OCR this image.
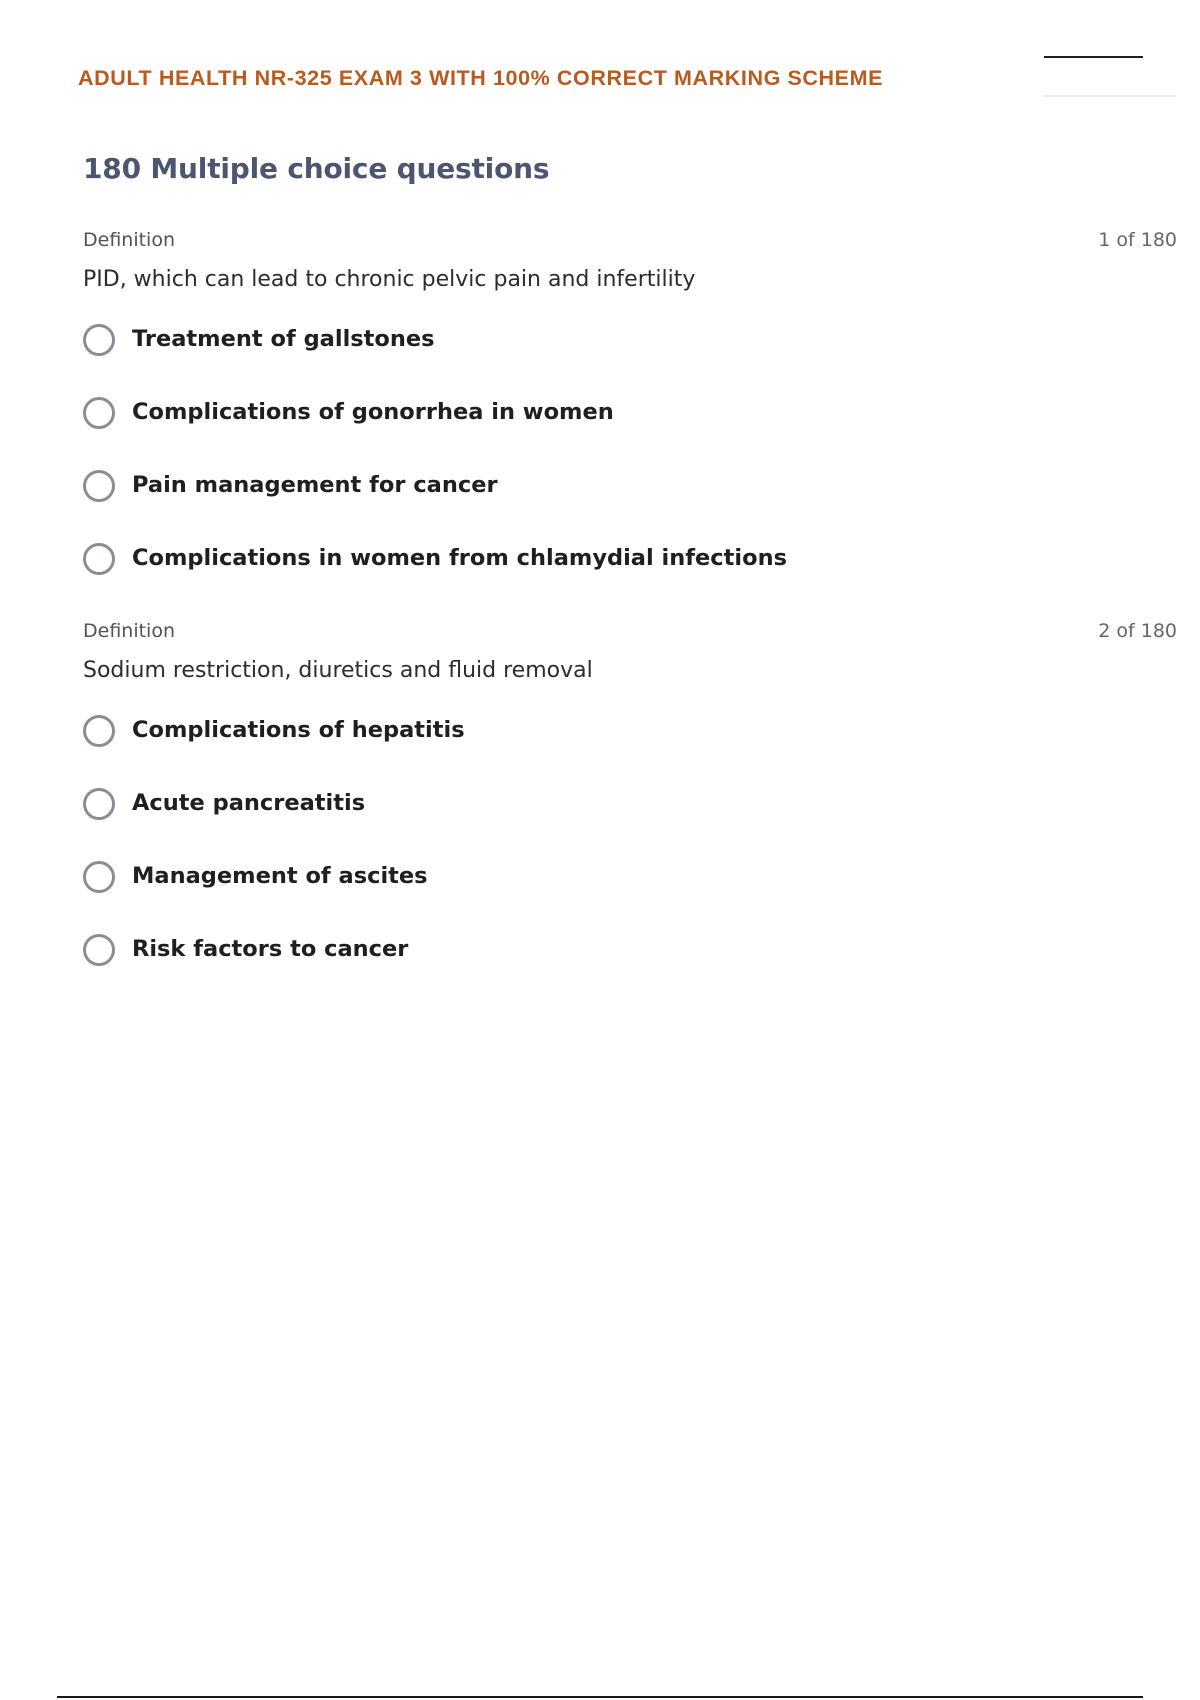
ADULT HEALTH NR-325 EXAM 3 WITH 100% CORRECT MARKING SCHEME
180 Multiple choice questions
Definition	1 of 180
PID, which can lead to chronic pelvic pain and infertility
Treatment of gallstones
Complications of gonorrhea in women
Pain management for cancer
Complications in women from chlamydial infections
Definition	2 of 180
Sodium restriction, diuretics and fluid removal
Complications of hepatitis
Acute pancreatitis
Management of ascites
Risk factors to cancer
